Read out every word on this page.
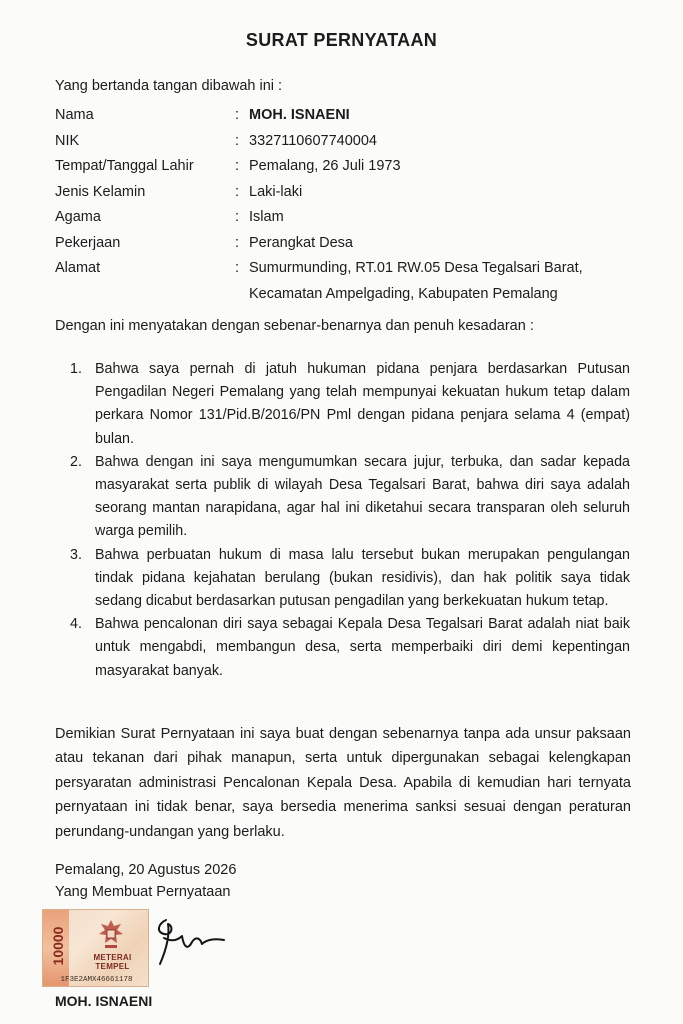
SURAT PERNYATAAN
Yang bertanda tangan dibawah ini :
Nama	: MOH. ISNAENI
NIK	: 3327110607740004
Tempat/Tanggal Lahir	: Pemalang, 26 Juli 1973
Jenis Kelamin	: Laki-laki
Agama	: Islam
Pekerjaan	: Perangkat Desa
Alamat	: Sumurmunding, RT.01 RW.05 Desa Tegalsari Barat,
Kecamatan Ampelgading, Kabupaten Pemalang
Dengan ini menyatakan dengan sebenar-benarnya dan penuh kesadaran :
1. Bahwa saya pernah di jatuh hukuman pidana penjara berdasarkan Putusan Pengadilan Negeri Pemalang yang telah mempunyai kekuatan hukum tetap dalam perkara Nomor 131/Pid.B/2016/PN Pml dengan pidana penjara selama 4 (empat) bulan.
2. Bahwa dengan ini saya mengumumkan secara jujur, terbuka, dan sadar kepada masyarakat serta publik di wilayah Desa Tegalsari Barat, bahwa diri saya adalah seorang mantan narapidana, agar hal ini diketahui secara transparan oleh seluruh warga pemilih.
3. Bahwa perbuatan hukum di masa lalu tersebut bukan merupakan pengulangan tindak pidana kejahatan berulang (bukan residivis), dan hak politik saya tidak sedang dicabut berdasarkan putusan pengadilan yang berkekuatan hukum tetap.
4. Bahwa pencalonan diri saya sebagai Kepala Desa Tegalsari Barat adalah niat baik untuk mengabdi, membangun desa, serta memperbaiki diri demi kepentingan masyarakat banyak.
Demikian Surat Pernyataan ini saya buat dengan sebenarnya tanpa ada unsur paksaan atau tekanan dari pihak manapun, serta untuk dipergunakan sebagai kelengkapan persyaratan administrasi Pencalonan Kepala Desa. Apabila di kemudian hari ternyata pernyataan ini tidak benar, saya bersedia menerima sanksi sesuai dengan peraturan perundang-undangan yang berlaku.
Pemalang, 20 Agustus 2026
Yang Membuat Pernyataan
10000	METERAI
TEMPEL
1F3E2AMX46661178
MOH. ISNAENI
